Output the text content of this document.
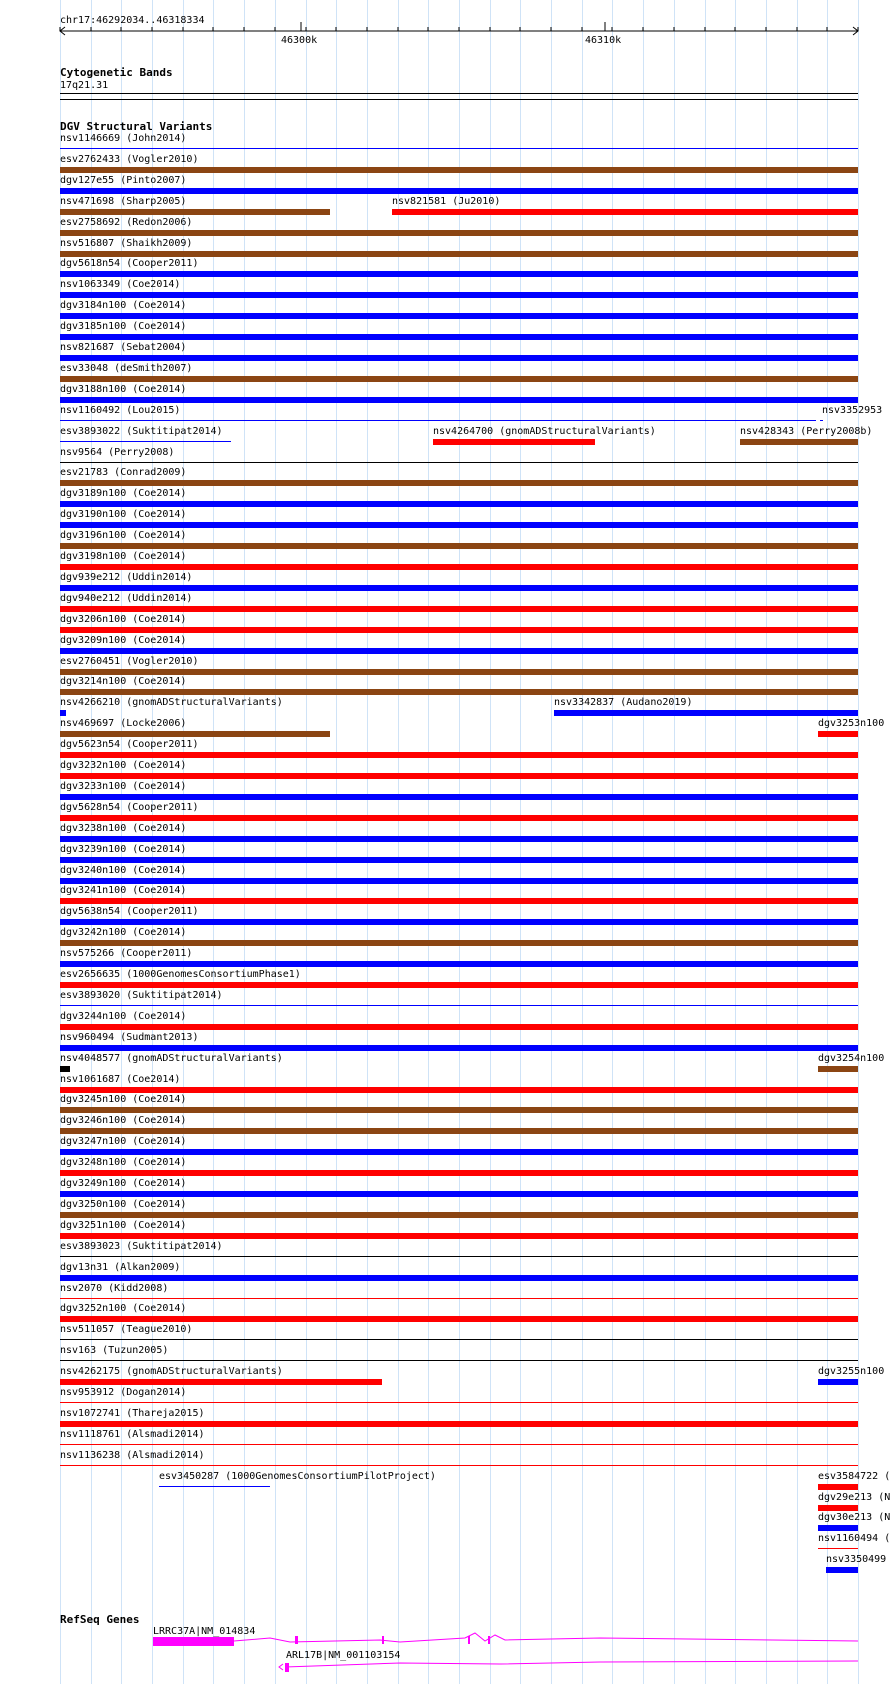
chr17:46292034..46318334
46300k	46310k
Cytogenetic Bands
17q21.31
DGV Structural Variants
nsv1146669 (John2014)
esv2762433 (Vogler2010)
dgv127e55 (Pinto2007)
nsv471698 (Sharp2005)	nsv821581 (Ju2010)
esv2758692 (Redon2006)
nsv516807 (Shaikh2009)
dgv5618n54 (Cooper2011)
nsv1063349 (Coe2014)
dgv3184n100 (Coe2014)
dgv3185n100 (Coe2014)
nsv821687 (Sebat2004)
esv33048 (deSmith2007)
dgv3188n100 (Coe2014)
nsv1160492 (Lou2015)	nsv3352953
esv3893022 (Suktitipat2014)	nsv4264700 (gnomADStructuralVariants)	nsv428343 (Perry2008b)
nsv9564 (Perry2008)
esv21783 (Conrad2009)
dgv3189n100 (Coe2014)
dgv3190n100 (Coe2014)
dgv3196n100 (Coe2014)
dgv3198n100 (Coe2014)
dgv939e212 (Uddin2014)
dgv940e212 (Uddin2014)
dgv3206n100 (Coe2014)
dgv3209n100 (Coe2014)
esv2760451 (Vogler2010)
dgv3214n100 (Coe2014)
nsv4266210 (gnomADStructuralVariants)	nsv3342837 (Audano2019)
nsv469697 (Locke2006)	dgv3253n100
dgv5623n54 (Cooper2011)
dgv3232n100 (Coe2014)
dgv3233n100 (Coe2014)
dgv5628n54 (Cooper2011)
dgv3238n100 (Coe2014)
dgv3239n100 (Coe2014)
dgv3240n100 (Coe2014)
dgv3241n100 (Coe2014)
dgv5638n54 (Cooper2011)
dgv3242n100 (Coe2014)
nsv575266 (Cooper2011)
esv2656635 (1000GenomesConsortiumPhase1)
esv3893020 (Suktitipat2014)
dgv3244n100 (Coe2014)
nsv960494 (Sudmant2013)
nsv4048577 (gnomADStructuralVariants)	dgv3254n100
nsv1061687 (Coe2014)
dgv3245n100 (Coe2014)
dgv3246n100 (Coe2014)
dgv3247n100 (Coe2014)
dgv3248n100 (Coe2014)
dgv3249n100 (Coe2014)
dgv3250n100 (Coe2014)
dgv3251n100 (Coe2014)
esv3893023 (Suktitipat2014)
dgv13n31 (Alkan2009)
nsv2070 (Kidd2008)
dgv3252n100 (Coe2014)
nsv511057 (Teague2010)
nsv163 (Tuzun2005)
nsv4262175 (gnomADStructuralVariants)	dgv3255n100
nsv953912 (Dogan2014)
nsv1072741 (Thareja2015)
nsv1118761 (Alsmadi2014)
nsv1136238 (Alsmadi2014)
esv3450287 (1000GenomesConsortiumPilotProject)	esv3584722 (
dgv29e213 (N
dgv30e213 (N
nsv1160494 (
nsv3350499
RefSeq Genes
LRRC37A|NM_014834
ARL17B|NM_001103154
